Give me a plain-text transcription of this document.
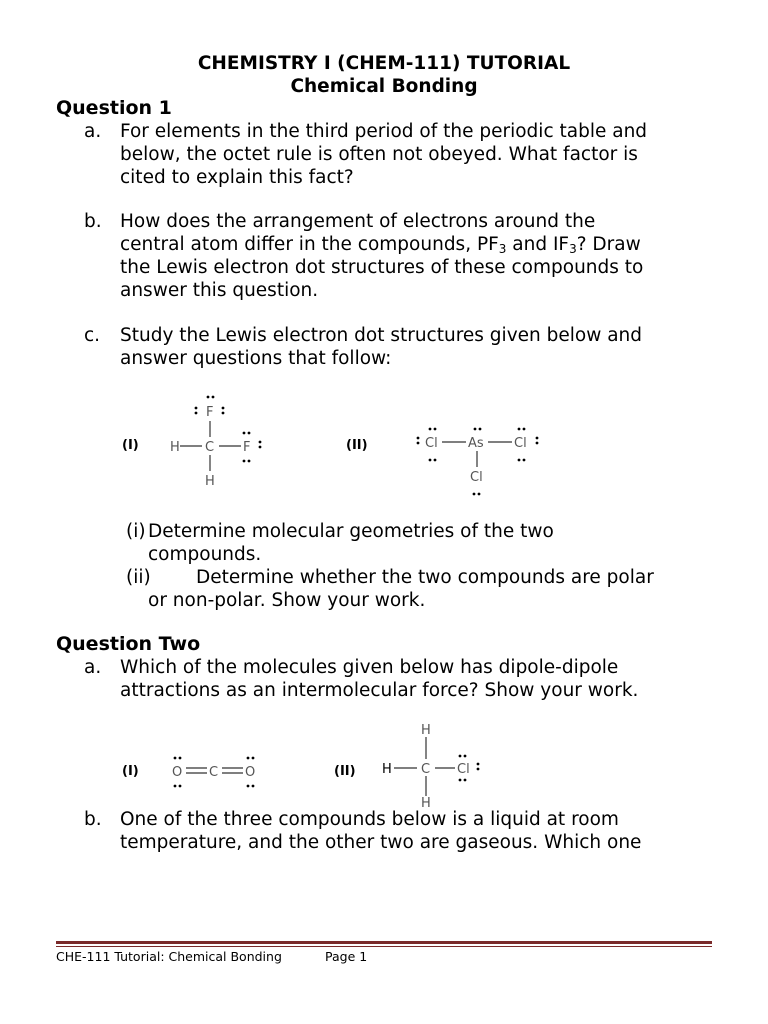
CHEMISTRY I (CHEM-111) TUTORIAL
Chemical Bonding
Question 1
a. For elements in the third period of the periodic table and
below, the octet rule is often not obeyed. What factor is
cited to explain this fact?
b. How does the arrangement of electrons around the
central atom differ in the compounds, $PF_3$ and $IF_3$? Draw
the Lewis electron dot structures of these compounds to
answer this question.
c. Study the Lewis electron dot structures given below and
answer questions that follow:
(I)
F
C
H	F
H
(II)	Cl As Cl
Cl
(i) Determine molecular geometries of the two
compounds.
(ii) Determine whether the two compounds are polar
or non-polar. Show your work.
Question Two
a. Which of the molecules given below has dipole-dipole
attractions as an intermolecular force? Show your work.
(I)	O C O	(II)
H
H C Cl
H
b. One of the three compounds below is a liquid at room
temperature, and the other two are gaseous. Which one
CHE-111 Tutorial: Chemical Bonding	Page 1
